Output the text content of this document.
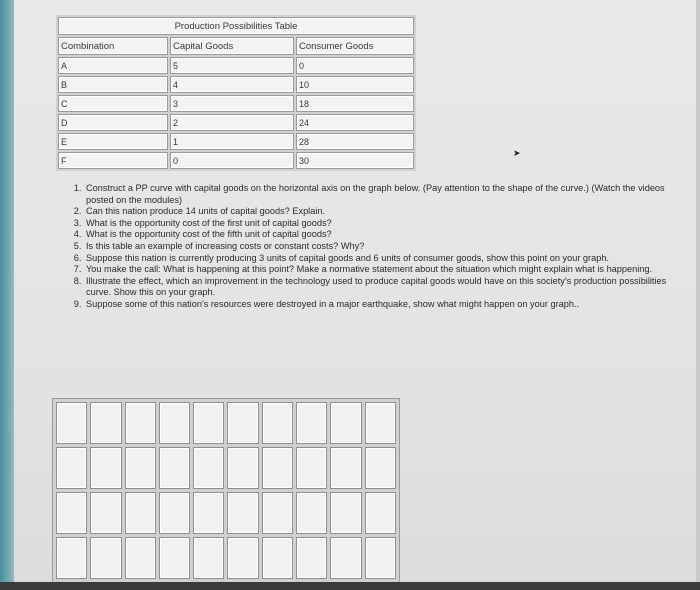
Production Possibilities Table		
Combination	Capital Goods	Consumer Goods
A	5	0
B	4	10
C	3	18
D	2	24
E	1	28
F	0	30
➤
1. Construct a PP curve with capital goods on the horizontal axis on the graph below. (Pay attention to the shape of the curve.) (Watch the videos posted on the modules)
2. Can this nation produce 14 units of capital goods? Explain.
3. What is the opportunity cost of the first unit of capital goods?
4. What is the opportunity cost of the fifth unit of capital goods?
5. Is this table an example of increasing costs or constant costs? Why?
6. Suppose this nation is currently producing 3 units of capital goods and 6 units of consumer goods, show this point on your graph.
7. You make the call: What is happening at this point? Make a normative statement about the situation which might explain what is happening.
8. Illustrate the effect, which an improvement in the technology used to produce capital goods would have on this society's production possibilities curve. Show this on your graph.
9. Suppose some of this nation's resources were destroyed in a major earthquake, show what might happen on your graph..
